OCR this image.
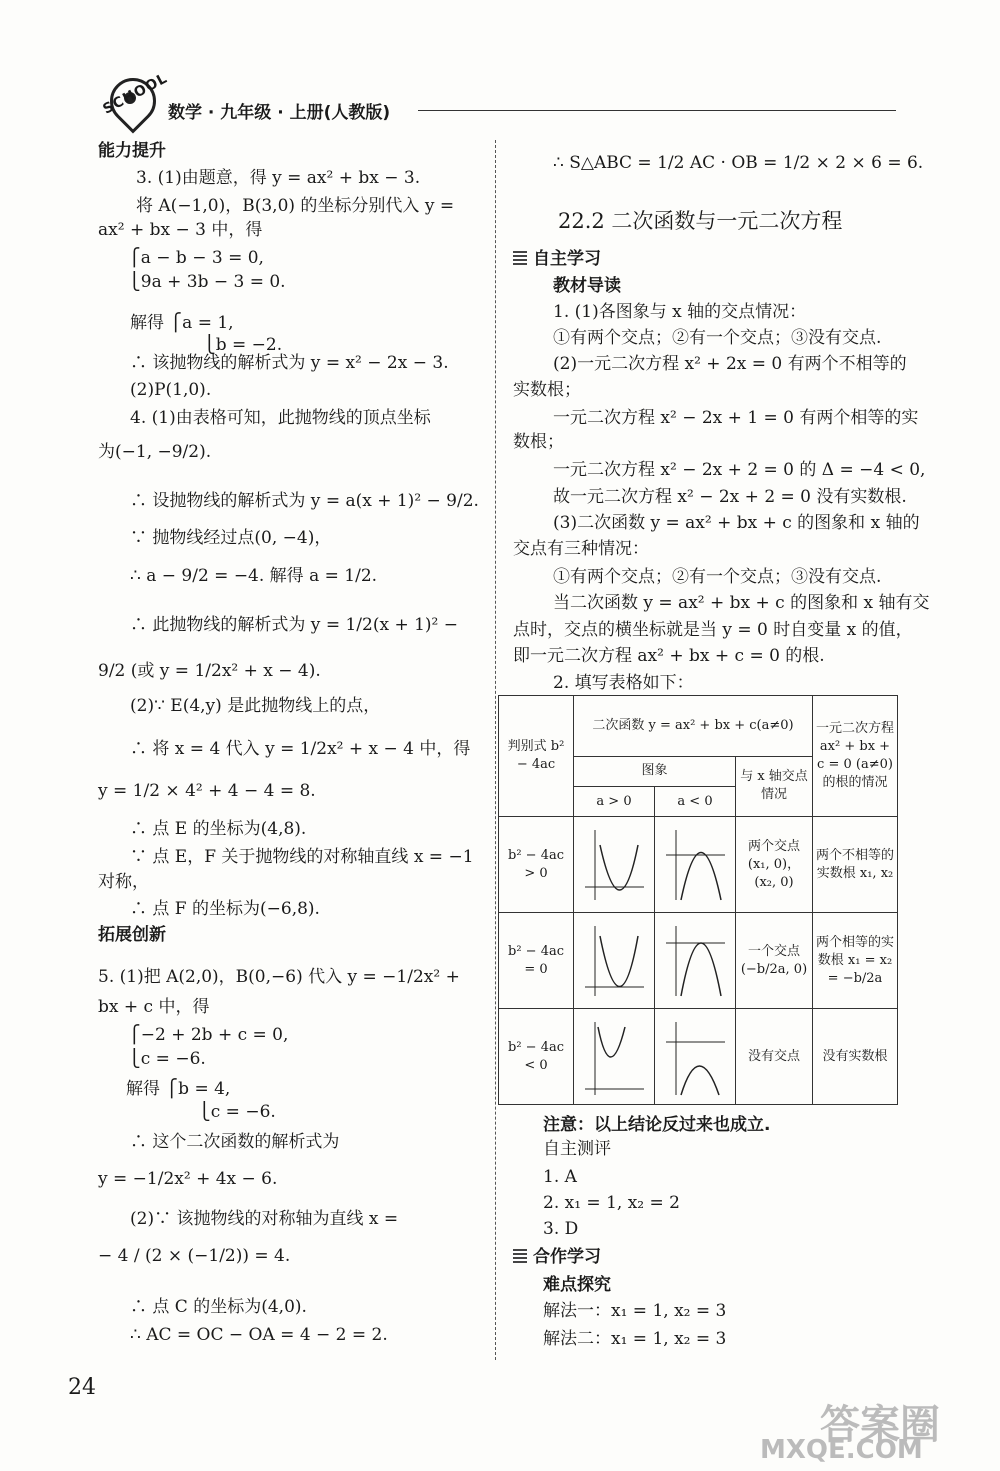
SCHOOL
数学 · 九年级 · 上册(人教版)
能力提升
3. (1)由题意，得 y = ax² + bx − 3.
将 A(−1,0)，B(3,0) 的坐标分别代入 y =
ax² + bx − 3 中，得
⎧a − b − 3 = 0,
⎩9a + 3b − 3 = 0.
解得 ⎧a = 1,
⎩b = −2.
∴ 该抛物线的解析式为 y = x² − 2x − 3.
(2)P(1,0).
4. (1)由表格可知，此抛物线的顶点坐标
为(−1, −9/2).
∴ 设抛物线的解析式为 y = a(x + 1)² − 9/2.
∵ 抛物线经过点(0, −4)，
∴ a − 9/2 = −4. 解得 a = 1/2.
∴ 此抛物线的解析式为 y = 1/2(x + 1)² −
9/2 (或 y = 1/2x² + x − 4).
(2)∵ E(4,y) 是此抛物线上的点，
∴ 将 x = 4 代入 y = 1/2x² + x − 4 中，得
y = 1/2 × 4² + 4 − 4 = 8.
∴ 点 E 的坐标为(4,8).
∵ 点 E，F 关于抛物线的对称轴直线 x = −1
对称，
∴ 点 F 的坐标为(−6,8).
拓展创新
5. (1)把 A(2,0)，B(0,−6) 代入 y = −1/2x² +
bx + c 中，得
⎧−2 + 2b + c = 0,
⎩c = −6.
解得 ⎧b = 4,
⎩c = −6.
∴ 这个二次函数的解析式为
y = −1/2x² + 4x − 6.
(2)∵ 该抛物线的对称轴为直线 x =
− 4 / (2 × (−1/2)) = 4.
∴ 点 C 的坐标为(4,0).
∴ AC = OC − OA = 4 − 2 = 2.
∴ S△ABC = 1/2 AC · OB = 1/2 × 2 × 6 = 6.
22.2 二次函数与一元二次方程
自主学习
教材导读
1. (1)各图象与 x 轴的交点情况：
①有两个交点；②有一个交点；③没有交点.
(2)一元二次方程 x² + 2x = 0 有两个不相等的
实数根；
一元二次方程 x² − 2x + 1 = 0 有两个相等的实
数根；
一元二次方程 x² − 2x + 2 = 0 的 Δ = −4 < 0,
故一元二次方程 x² − 2x + 2 = 0 没有实数根.
(3)二次函数 y = ax² + bx + c 的图象和 x 轴的
交点有三种情况：
①有两个交点；②有一个交点；③没有交点.
当二次函数 y = ax² + bx + c 的图象和 x 轴有交
点时，交点的横坐标就是当 y = 0 时自变量 x 的值，
即一元二次方程 ax² + bx + c = 0 的根.
2. 填写表格如下：
判别式 b² − 4ac	二次函数 y = ax² + bx + c(a≠0)			一元二次方程 ax² + bx + c = 0 (a≠0) 的根的情况
	图象		与 x 轴交点情况	
	a > 0	a < 0		
b² − 4ac > 0			两个交点 (x₁, 0)，(x₂, 0)	两个不相等的实数根 x₁, x₂
b² − 4ac = 0			一个交点 (−b/2a, 0)	两个相等的实数根 x₁ = x₂ = −b/2a
b² − 4ac < 0			没有交点	没有实数根
注意：以上结论反过来也成立.
自主测评
1. A
2. x₁ = 1, x₂ = 2
3. D
合作学习
难点探究
解法一：x₁ = 1, x₂ = 3
解法二：x₁ = 1, x₂ = 3
24
答案圈
MXQE.COM
